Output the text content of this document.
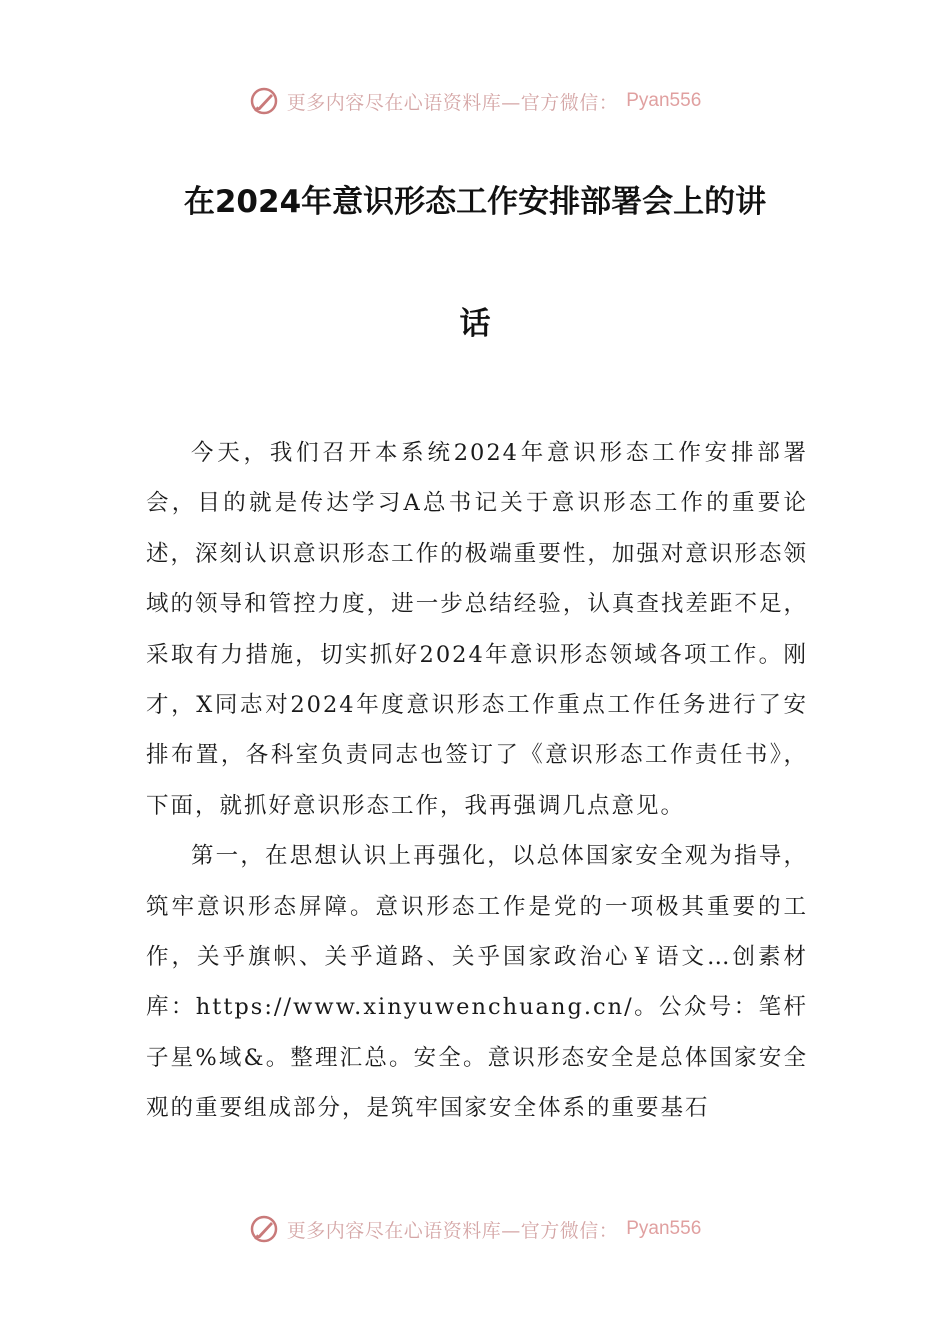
更多内容尽在心语资料库—官方微信： Pyan556
在2024年意识形态工作安排部署会上的讲
话

今天，我们召开本系统2024年意识形态工作安排部署会，目的就是传达学习A总书记关于意识形态工作的重要论述，深刻认识意识形态工作的极端重要性，加强对意识形态领域的领导和管控力度，进一步总结经验，认真查找差距不足，采取有力措施，切实抓好2024年意识形态领域各项工作。刚才，X同志对2024年度意识形态工作重点工作任务进行了安排布置，各科室负责同志也签订了《意识形态工作责任书》，下面，就抓好意识形态工作，我再强调几点意见。

第一，在思想认识上再强化，以总体国家安全观为指导，筑牢意识形态屏障。意识形态工作是党的一项极其重要的工作，关乎旗帜、关乎道路、关乎国家政治心￥语文…创素材库：https://www.xinyuwenchuang.cn/。公众号：笔杆子星%域&。整理汇总。安全。意识形态安全是总体国家安全观的重要组成部分，是筑牢国家安全体系的重要基石

更多内容尽在心语资料库—官方微信： Pyan556
